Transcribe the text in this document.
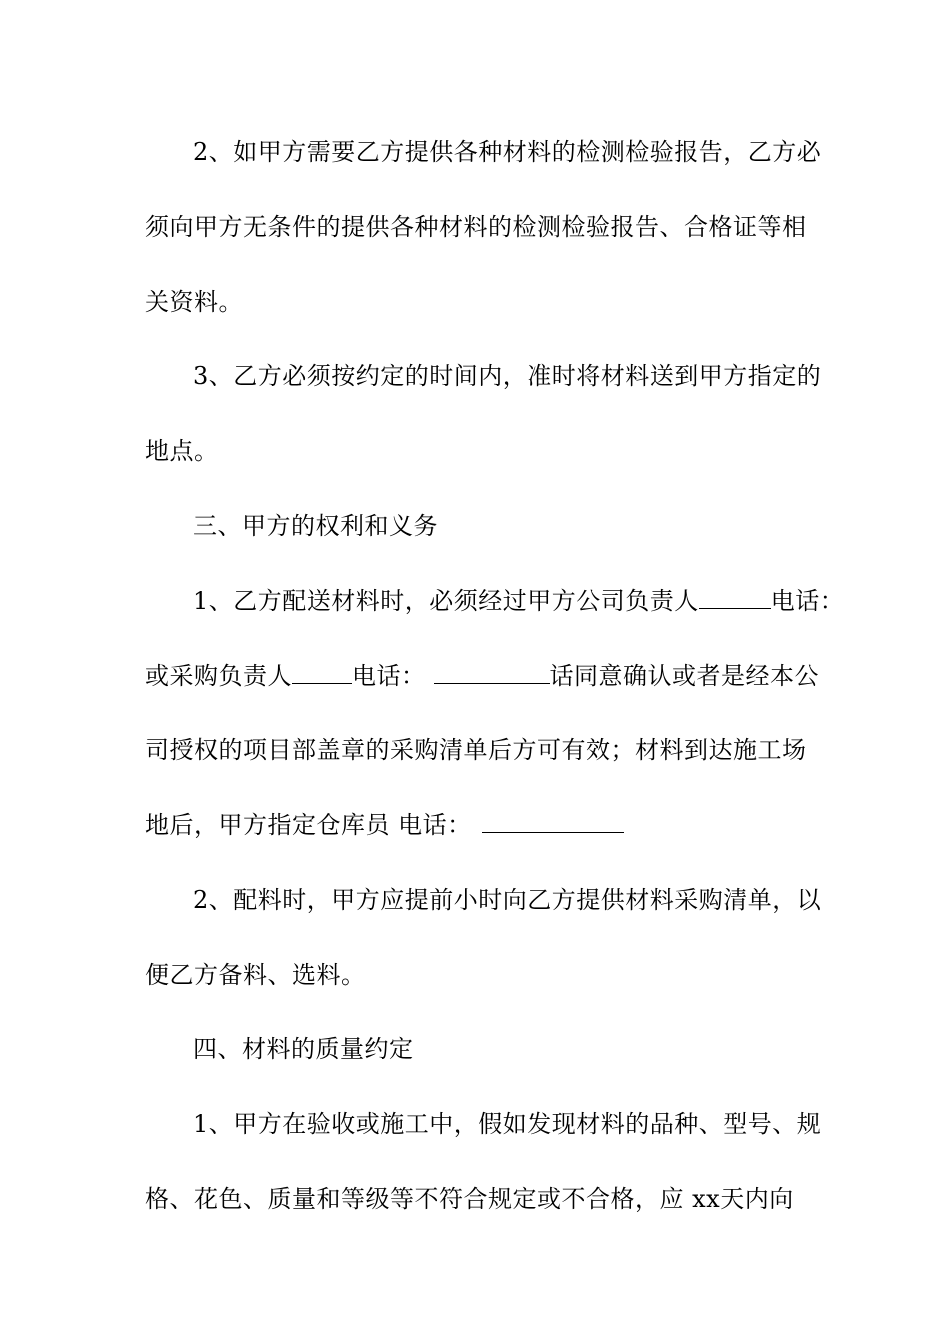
2、如甲方需要乙方提供各种材料的检测检验报告，乙方必
须向甲方无条件的提供各种材料的检测检验报告、合格证等相
关资料。
3、乙方必须按约定的时间内，准时将材料送到甲方指定的
地点。
三、甲方的权利和义务
1、乙方配送材料时，必须经过甲方公司负责人	电话：
或采购负责人	电话：	话同意确认或者是经本公
司授权的项目部盖章的采购清单后方可有效；材料到达施工场
地后，甲方指定仓库员 电话：
2、配料时，甲方应提前小时向乙方提供材料采购清单，以
便乙方备料、选料。
四、材料的质量约定
1、甲方在验收或施工中，假如发现材料的品种、型号、规
格、花色、质量和等级等不符合规定或不合格，应 xx天内向
